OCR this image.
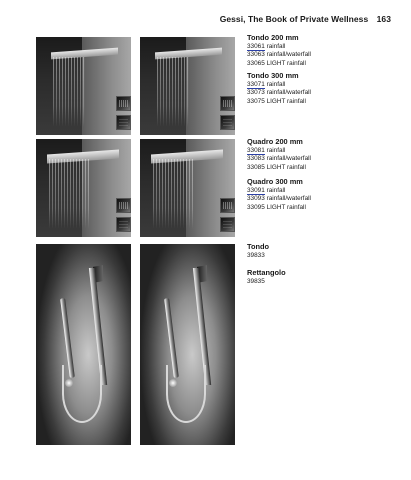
Gessi, The Book of Private Wellness 163
Tondo 200 mm
33061 rainfall
33063 rainfall/waterfall
33065 LIGHT rainfall
Tondo 300 mm
33071 rainfall
33073 rainfall/waterfall
33075 LIGHT rainfall
Quadro 200 mm
33081 rainfall
33083 rainfall/waterfall
33085 LIGHT rainfall
Quadro 300 mm
33091 rainfall
33093 rainfall/waterfall
33095 LIGHT rainfall
Tondo
39833
Rettangolo
39835
